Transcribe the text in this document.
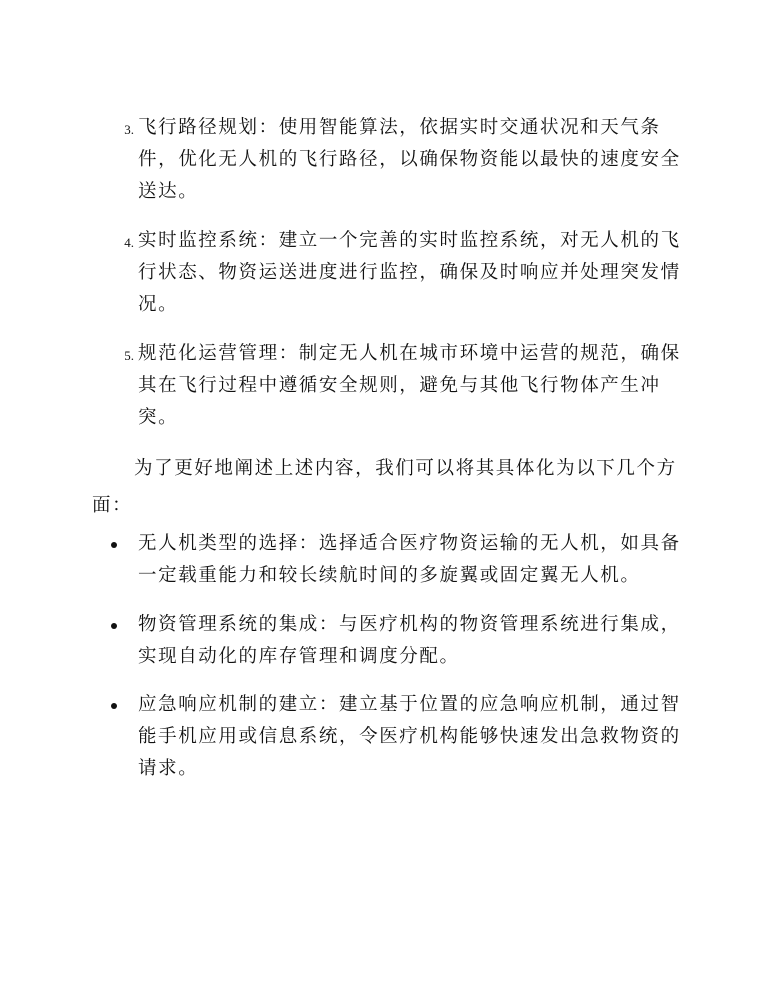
3. 飞行路径规划：使用智能算法，依据实时交通状况和天气条
件，优化无人机的飞行路径，以确保物资能以最快的速度安全
送达。
4. 实时监控系统：建立一个完善的实时监控系统，对无人机的飞
行状态、物资运送进度进行监控，确保及时响应并处理突发情
况。
5. 规范化运营管理：制定无人机在城市环境中运营的规范，确保
其在飞行过程中遵循安全规则，避免与其他飞行物体产生冲
突。
为了更好地阐述上述内容，我们可以将其具体化为以下几个方
面：
无人机类型的选择：选择适合医疗物资运输的无人机，如具备
一定载重能力和较长续航时间的多旋翼或固定翼无人机。
物资管理系统的集成：与医疗机构的物资管理系统进行集成，
实现自动化的库存管理和调度分配。
应急响应机制的建立：建立基于位置的应急响应机制，通过智
能手机应用或信息系统，令医疗机构能够快速发出急救物资的
请求。
